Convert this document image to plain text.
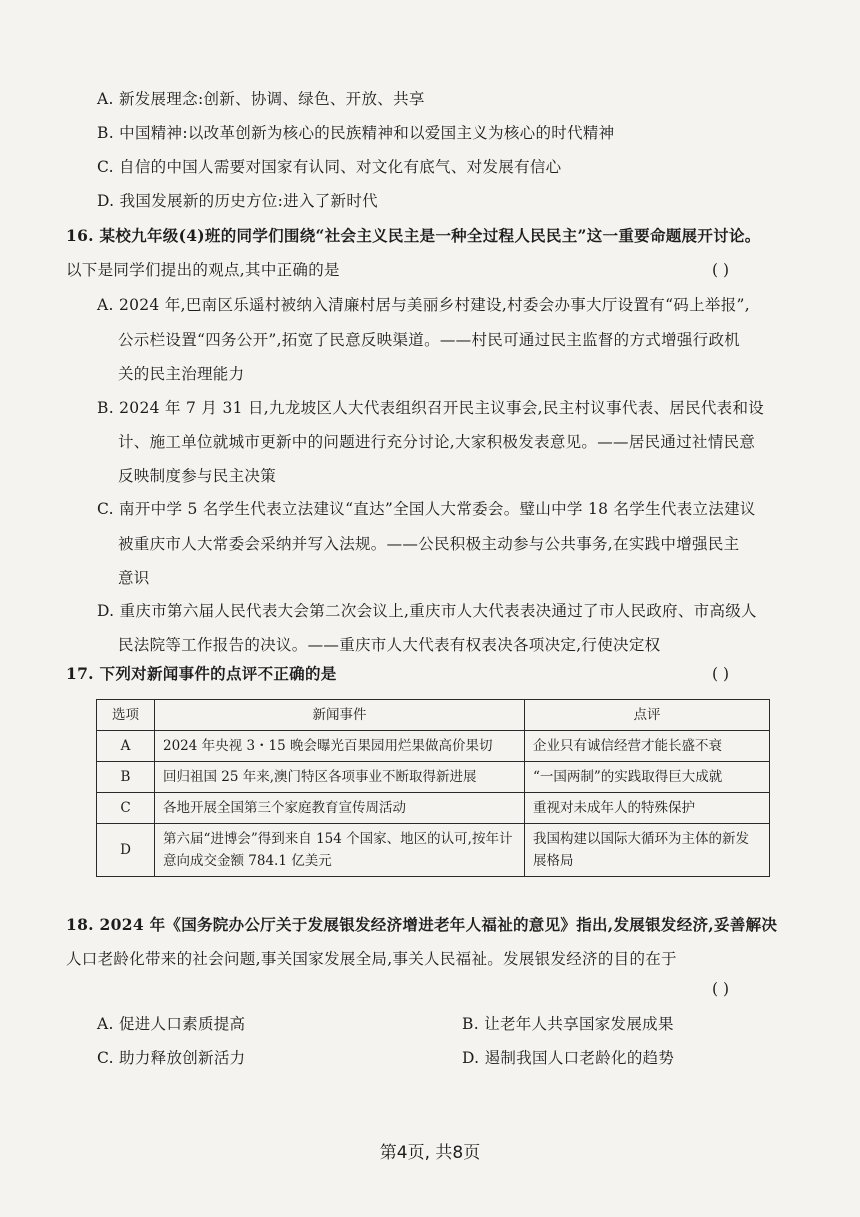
A. 新发展理念:创新、协调、绿色、开放、共享
B. 中国精神:以改革创新为核心的民族精神和以爱国主义为核心的时代精神
C. 自信的中国人需要对国家有认同、对文化有底气、对发展有信心
D. 我国发展新的历史方位:进入了新时代
16. 某校九年级(4)班的同学们围绕“社会主义民主是一种全过程人民民主”这一重要命题展开讨论。
以下是同学们提出的观点,其中正确的是	( )
A. 2024 年,巴南区乐遥村被纳入清廉村居与美丽乡村建设,村委会办事大厅设置有“码上举报”,
公示栏设置“四务公开”,拓宽了民意反映渠道。——村民可通过民主监督的方式增强行政机
关的民主治理能力
B. 2024 年 7 月 31 日,九龙坡区人大代表组织召开民主议事会,民主村议事代表、居民代表和设
计、施工单位就城市更新中的问题进行充分讨论,大家积极发表意见。——居民通过社情民意
反映制度参与民主决策
C. 南开中学 5 名学生代表立法建议“直达”全国人大常委会。璧山中学 18 名学生代表立法建议
被重庆市人大常委会采纳并写入法规。——公民积极主动参与公共事务,在实践中增强民主
意识
D. 重庆市第六届人民代表大会第二次会议上,重庆市人大代表表决通过了市人民政府、市高级人
民法院等工作报告的决议。——重庆市人大代表有权表决各项决定,行使决定权
17. 下列对新闻事件的点评不正确的是	( )
选项	新闻事件	点评
A	2024 年央视 3・15 晚会曝光百果园用烂果做高价果切	企业只有诚信经营才能长盛不衰
B	回归祖国 25 年来,澳门特区各项事业不断取得新进展	“一国两制”的实践取得巨大成就
C	各地开展全国第三个家庭教育宣传周活动	重视对未成年人的特殊保护
D	第六届“进博会”得到来自 154 个国家、地区的认可,按年计意向成交金额 784.1 亿美元	我国构建以国际大循环为主体的新发展格局
18. 2024 年《国务院办公厅关于发展银发经济增进老年人福祉的意见》指出,发展银发经济,妥善解决
人口老龄化带来的社会问题,事关国家发展全局,事关人民福祉。发展银发经济的目的在于
( )
A. 促进人口素质提高	B. 让老年人共享国家发展成果
C. 助力释放创新活力	D. 遏制我国人口老龄化的趋势
第4页, 共8页
